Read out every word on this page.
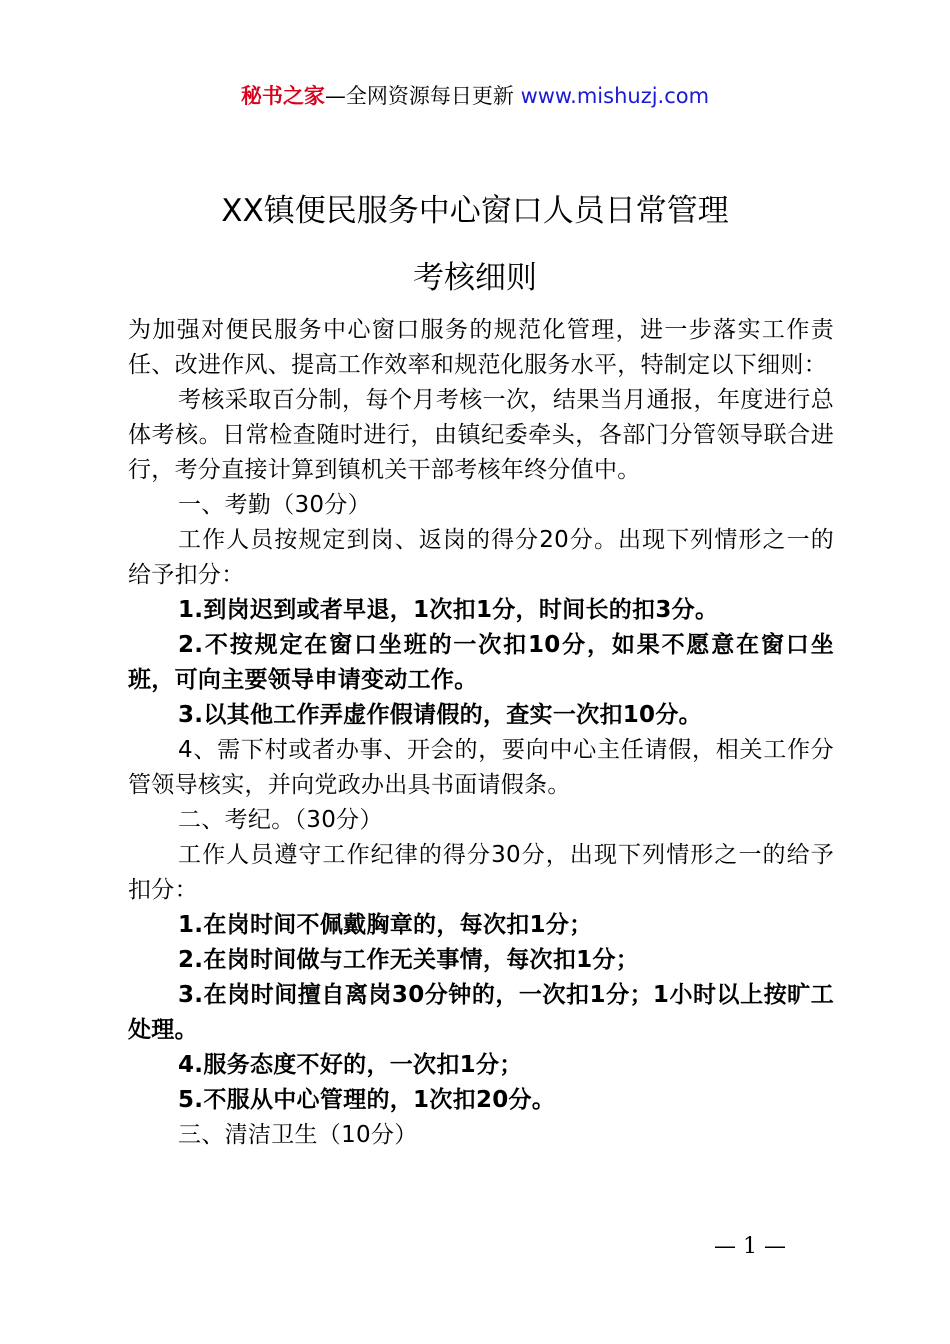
秘书之家—全网资源每日更新 www.mishuzj.com
XX镇便民服务中心窗口人员日常管理
考核细则

为加强对便民服务中心窗口服务的规范化管理，进一步落实工作责任、改进作风、提高工作效率和规范化服务水平，特制定以下细则：

考核采取百分制，每个月考核一次，结果当月通报，年度进行总体考核。日常检查随时进行，由镇纪委牵头，各部门分管领导联合进行，考分直接计算到镇机关干部考核年终分值中。

一、考勤（30分）

工作人员按规定到岗、返岗的得分20分。出现下列情形之一的给予扣分：

1.到岗迟到或者早退，1次扣1分，时间长的扣3分。

2.不按规定在窗口坐班的一次扣10分，如果不愿意在窗口坐班，可向主要领导申请变动工作。

3.以其他工作弄虚作假请假的，查实一次扣10分。

4、需下村或者办事、开会的，要向中心主任请假，相关工作分管领导核实，并向党政办出具书面请假条。

二、考纪。（30分）

工作人员遵守工作纪律的得分30分，出现下列情形之一的给予扣分：

1.在岗时间不佩戴胸章的，每次扣1分；

2.在岗时间做与工作无关事情，每次扣1分；

3.在岗时间擅自离岗30分钟的，一次扣1分；1小时以上按旷工处理。

4.服务态度不好的，一次扣1分；

5.不服从中心管理的，1次扣20分。

三、清洁卫生（10分）

— 1 —
